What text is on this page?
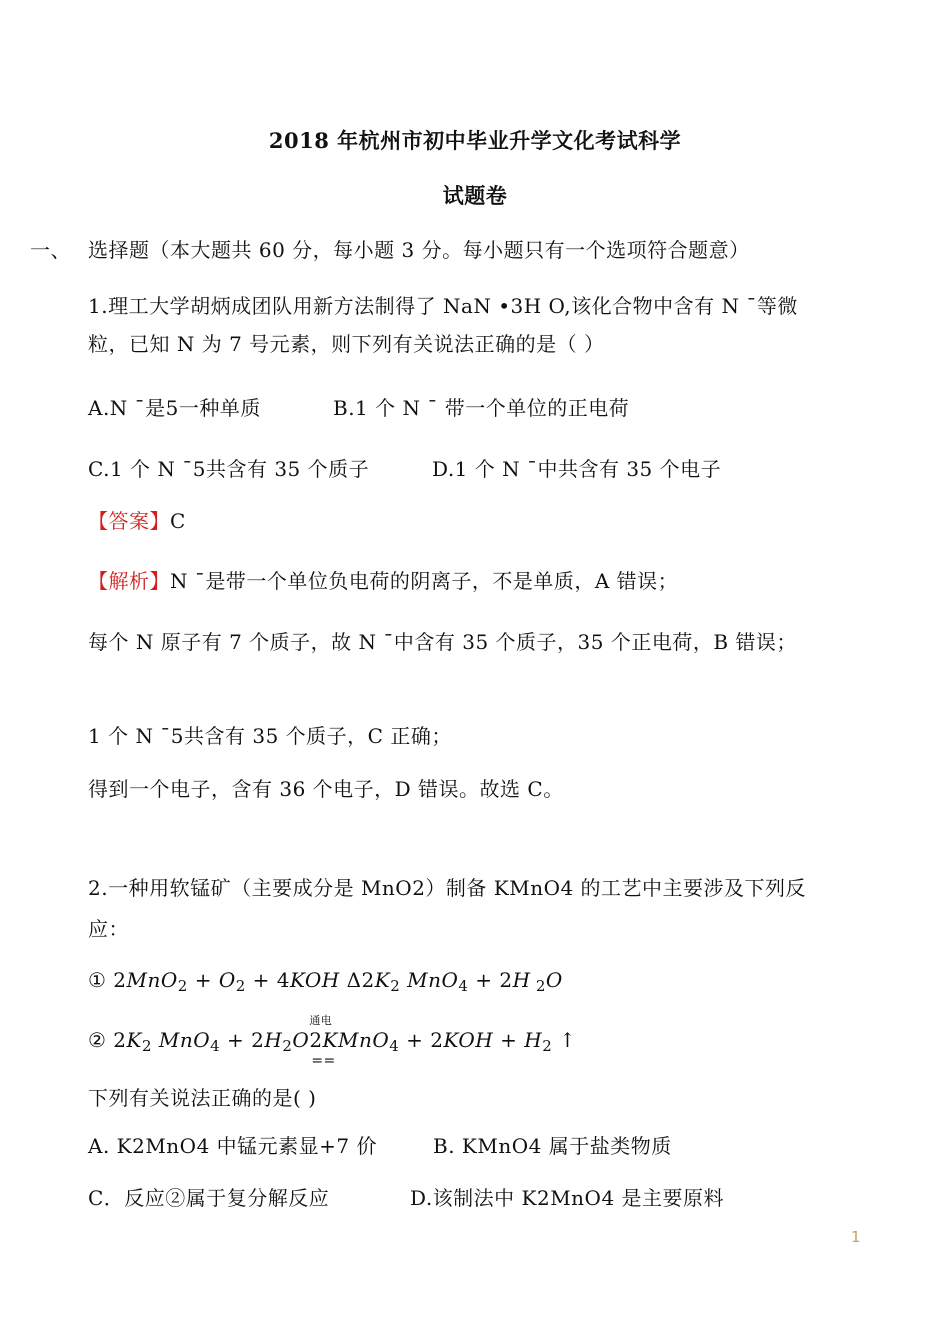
2018 年杭州市初中毕业升学文化考试科学
试题卷
一、 选择题（本大题共 60 分，每小题 3 分。每小题只有一个选项符合题意）
1.理工大学胡炳成团队用新方法制得了 NaN •3H O,该化合物中含有 N ¯等微
粒，已知 N 为 7 号元素，则下列有关说法正确的是（ ）
A.N ¯是5一种单质	B.1 个 N ¯ 带一个单位的正电荷
C.1 个 N ¯5共含有 35 个质子	D.1 个 N ¯中共含有 35 个电子
【答案】C
【解析】N ¯是带一个单位负电荷的阴离子，不是单质，A 错误；
每个 N 原子有 7 个质子，故 N ¯中含有 35 个质子，35 个正电荷，B 错误；
1 个 N ¯5共含有 35 个质子，C 正确；
得到一个电子，含有 36 个电子，D 错误。故选 C。
2.一种用软锰矿（主要成分是 MnO2）制备 KMnO4 的工艺中主要涉及下列反
应：
① $2MnO_2 + O_2 + 4KOH$ $\Delta 2K_2$ MnO$_4$ + 2H $_2$O
② $2K_2$ $MnO_4 + 2H_2O$
通电
2KMnO
==
$_4 + 2KOH + H_2$ ↑
下列有关说法正确的是( )
A. K2MnO4 中锰元素显+7 价	B. KMnO4 属于盐类物质
C．反应②属于复分解反应	D.该制法中 K2MnO4 是主要原料
1
